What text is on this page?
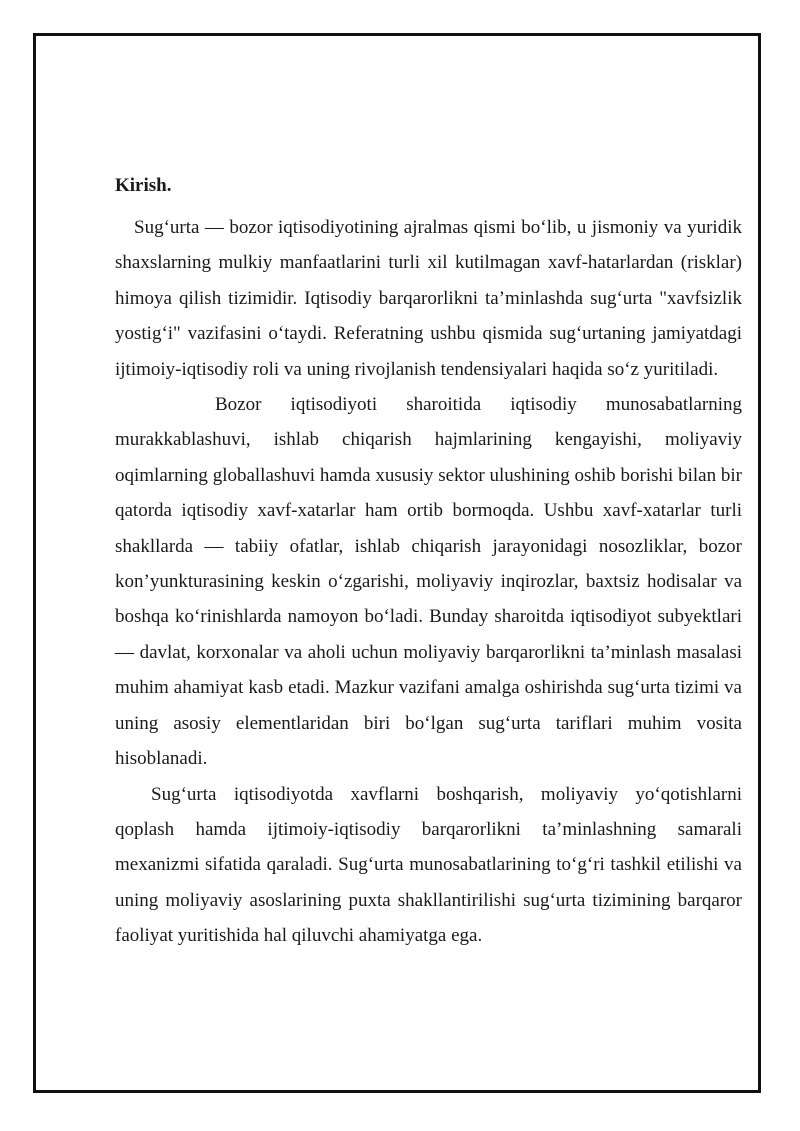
Kirish.

Sug‘urta — bozor iqtisodiyotining ajralmas qismi bo‘lib, u jismoniy va yuridik shaxslarning mulkiy manfaatlarini turli xil kutilmagan xavf-hatarlardan (risklar) himoya qilish tizimidir. Iqtisodiy barqarorlikni ta’minlashda sug‘urta "xavfsizlik yostig‘i" vazifasini o‘taydi. Referatning ushbu qismida sug‘urtaning jamiyatdagi ijtimoiy-iqtisodiy roli va uning rivojlanish tendensiyalari haqida so‘z yuritiladi.

Bozor iqtisodiyoti sharoitida iqtisodiy munosabatlarning murakkablashuvi, ishlab chiqarish hajmlarining kengayishi, moliyaviy oqimlarning globallashuvi hamda xususiy sektor ulushining oshib borishi bilan bir qatorda iqtisodiy xavf-xatarlar ham ortib bormoqda. Ushbu xavf-xatarlar turli shakllarda — tabiiy ofatlar, ishlab chiqarish jarayonidagi nosozliklar, bozor kon’yunkturasining keskin o‘zgarishi, moliyaviy inqirozlar, baxtsiz hodisalar va boshqa ko‘rinishlarda namoyon bo‘ladi. Bunday sharoitda iqtisodiyot subyektlari — davlat, korxonalar va aholi uchun moliyaviy barqarorlikni ta’minlash masalasi muhim ahamiyat kasb etadi. Mazkur vazifani amalga oshirishda sug‘urta tizimi va uning asosiy elementlaridan biri bo‘lgan sug‘urta tariflari muhim vosita hisoblanadi.

Sug‘urta iqtisodiyotda xavflarni boshqarish, moliyaviy yo‘qotishlarni qoplash hamda ijtimoiy-iqtisodiy barqarorlikni ta’minlashning samarali mexanizmi sifatida qaraladi. Sug‘urta munosabatlarining to‘g‘ri tashkil etilishi va uning moliyaviy asoslarining puxta shakllantirilishi sug‘urta tizimining barqaror faoliyat yuritishida hal qiluvchi ahamiyatga ega.
